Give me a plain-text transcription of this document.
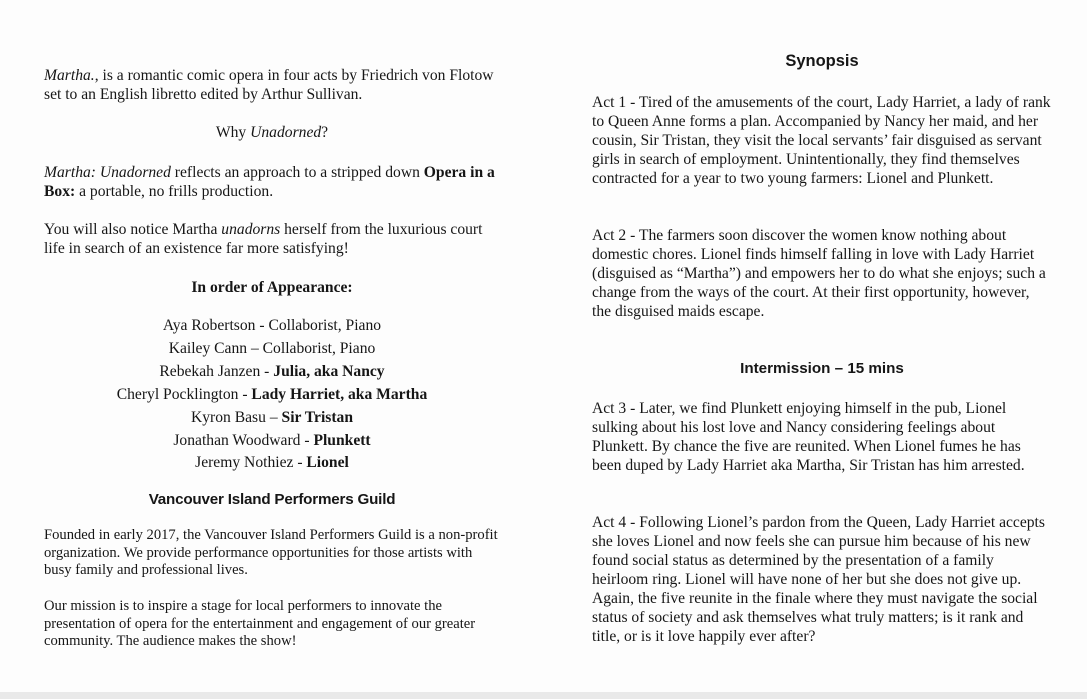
Martha., is a romantic comic opera in four acts by Friedrich von Flotow set to an English libretto edited by Arthur Sullivan.

Why Unadorned?

Martha: Unadorned reflects an approach to a stripped down Opera in a Box: a portable, no frills production.

You will also notice Martha unadorns herself from the luxurious court life in search of an existence far more satisfying!

In order of Appearance:

Aya Robertson - Collaborist, Piano
Kailey Cann – Collaborist, Piano
Rebekah Janzen - Julia, aka Nancy
Cheryl Pocklington - Lady Harriet, aka Martha
Kyron Basu – Sir Tristan
Jonathan Woodward - Plunkett
Jeremy Nothiez - Lionel

Vancouver Island Performers Guild

Founded in early 2017, the Vancouver Island Performers Guild is a non-profit organization. We provide performance opportunities for those artists with busy family and professional lives.

Our mission is to inspire a stage for local performers to innovate the presentation of opera for the entertainment and engagement of our greater community. The audience makes the show!

Synopsis

Act 1 - Tired of the amusements of the court, Lady Harriet, a lady of rank to Queen Anne forms a plan. Accompanied by Nancy her maid, and her cousin, Sir Tristan, they visit the local servants’ fair disguised as servant girls in search of employment. Unintentionally, they find themselves contracted for a year to two young farmers: Lionel and Plunkett.

Act 2 - The farmers soon discover the women know nothing about domestic chores. Lionel finds himself falling in love with Lady Harriet (disguised as “Martha”) and empowers her to do what she enjoys; such a change from the ways of the court. At their first opportunity, however, the disguised maids escape.

Intermission – 15 mins

Act 3 - Later, we find Plunkett enjoying himself in the pub, Lionel sulking about his lost love and Nancy considering feelings about Plunkett. By chance the five are reunited. When Lionel fumes he has been duped by Lady Harriet aka Martha, Sir Tristan has him arrested.

Act 4 - Following Lionel’s pardon from the Queen, Lady Harriet accepts she loves Lionel and now feels she can pursue him because of his new found social status as determined by the presentation of a family heirloom ring. Lionel will have none of her but she does not give up. Again, the five reunite in the finale where they must navigate the social status of society and ask themselves what truly matters; is it rank and title, or is it love happily ever after?
